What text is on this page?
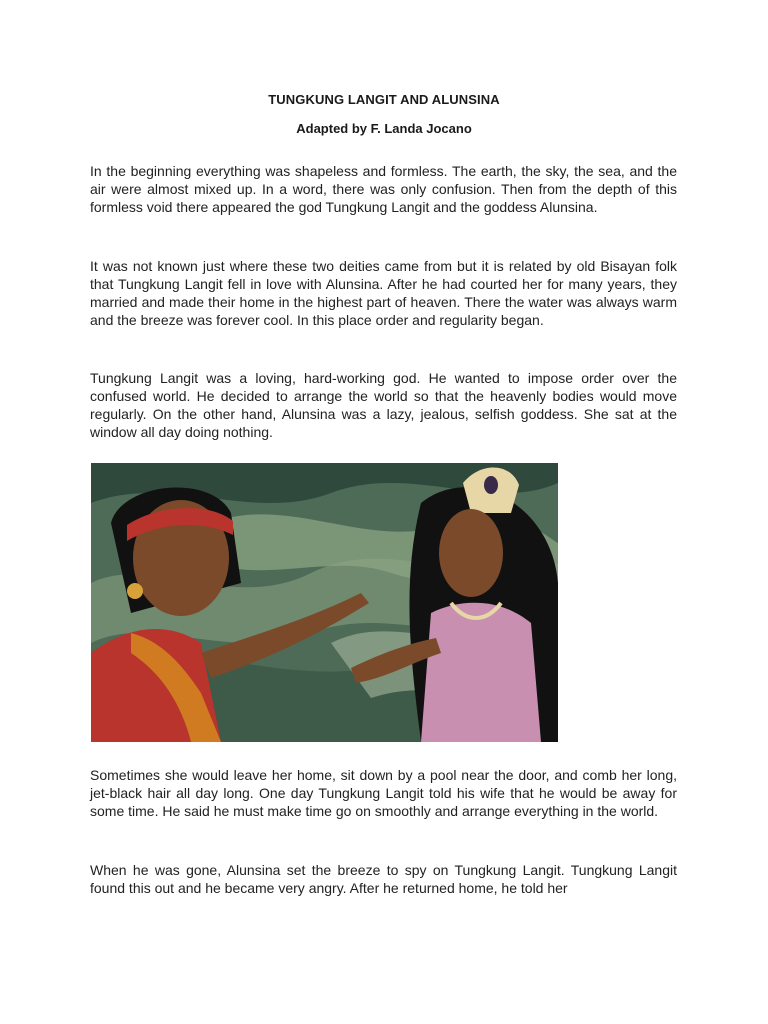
TUNGKUNG LANGIT AND ALUNSINA
Adapted by F. Landa Jocano

In the beginning everything was shapeless and formless. The earth, the sky, the sea, and the air were almost mixed up. In a word, there was only confusion. Then from the depth of this formless void there appeared the god Tungkung Langit and the goddess Alunsina.

It was not known just where these two deities came from but it is related by old Bisayan folk that Tungkung Langit fell in love with Alunsina. After he had courted her for many years, they married and made their home in the highest part of heaven. There the water was always warm and the breeze was forever cool. In this place order and regularity began.

Tungkung Langit was a loving, hard-working god. He wanted to impose order over the confused world. He decided to arrange the world so that the heavenly bodies would move regularly. On the other hand, Alunsina was a lazy, jealous, selfish goddess. She sat at the window all day doing nothing.

Sometimes she would leave her home, sit down by a pool near the door, and comb her long, jet-black hair all day long. One day Tungkung Langit told his wife that he would be away for some time. He said he must make time go on smoothly and arrange everything in the world.

When he was gone, Alunsina set the breeze to spy on Tungkung Langit. Tungkung Langit found this out and he became very angry. After he returned home, he told her
